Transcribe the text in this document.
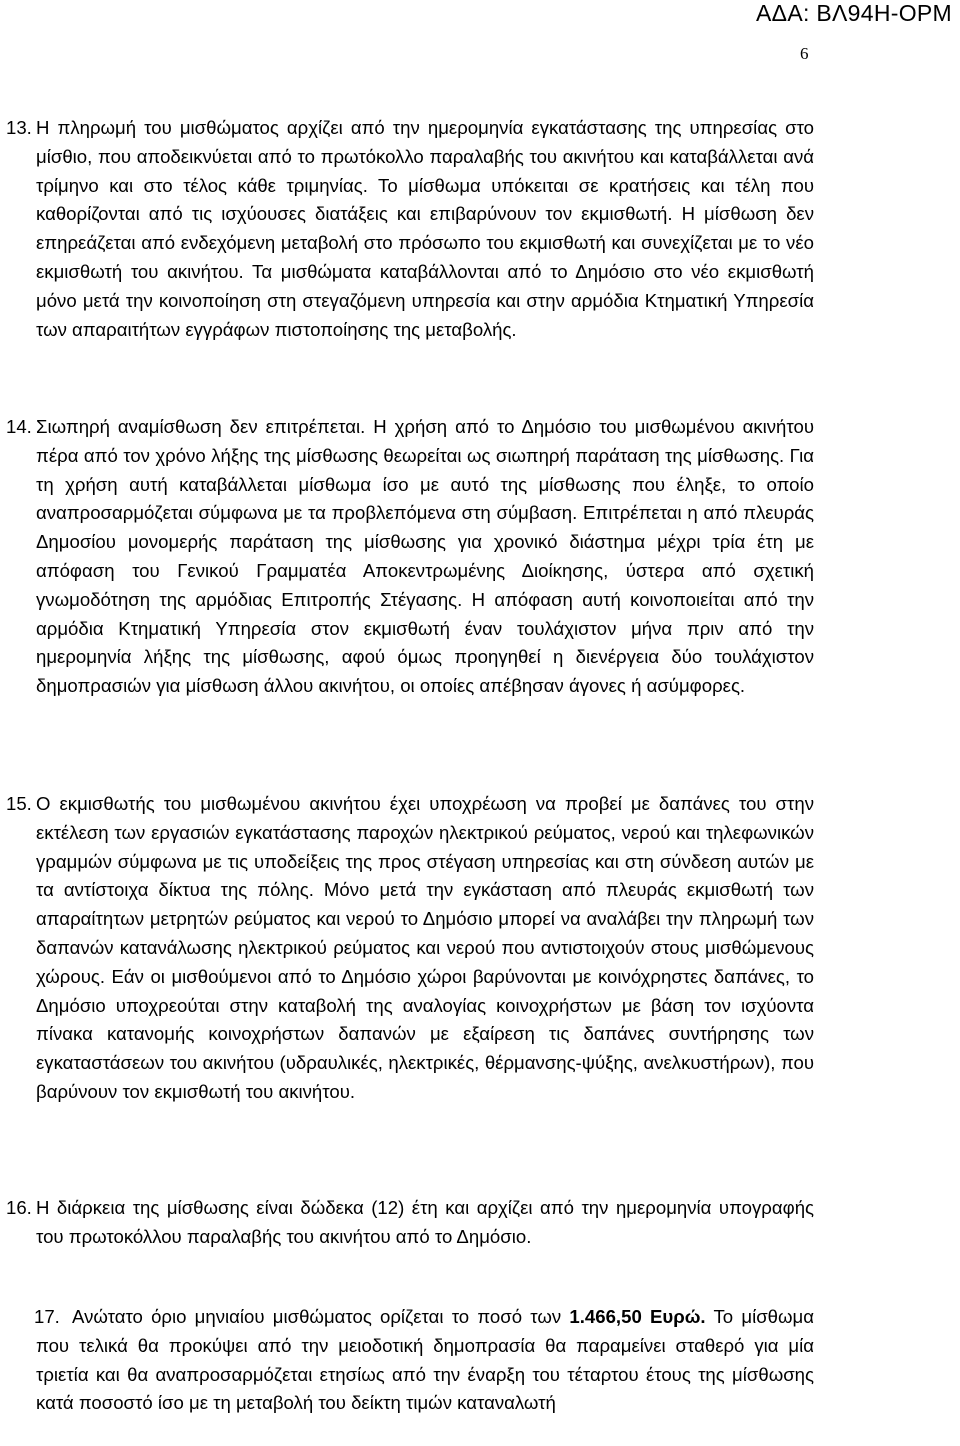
ΑΔΑ: ΒΛ94Η-ΟΡΜ
6
13. Η πληρωμή του μισθώματος αρχίζει από την ημερομηνία εγκατάστασης της υπηρεσίας στο μίσθιο, που αποδεικνύεται από το πρωτόκολλο παραλαβής του ακινήτου και καταβάλλεται ανά τρίμηνο και στο τέλος κάθε τριμηνίας. Το μίσθωμα υπόκειται σε κρατήσεις και τέλη που καθορίζονται από τις ισχύουσες διατάξεις και επιβαρύνουν τον εκμισθωτή. Η μίσθωση δεν επηρεάζεται από ενδεχόμενη μεταβολή στο πρόσωπο του εκμισθωτή και συνεχίζεται με το νέο εκμισθωτή του ακινήτου. Τα μισθώματα καταβάλλονται από το Δημόσιο στο νέο εκμισθωτή μόνο μετά την κοινοποίηση στη στεγαζόμενη υπηρεσία και στην αρμόδια Κτηματική Υπηρεσία των απαραιτήτων εγγράφων πιστοποίησης της μεταβολής.
14. Σιωπηρή αναμίσθωση δεν επιτρέπεται. Η χρήση από το Δημόσιο του μισθωμένου ακινήτου πέρα από τον χρόνο λήξης της μίσθωσης θεωρείται ως σιωπηρή παράταση της μίσθωσης. Για τη χρήση αυτή καταβάλλεται μίσθωμα ίσο με αυτό της μίσθωσης που έληξε, το οποίο αναπροσαρμόζεται σύμφωνα με τα προβλεπόμενα στη σύμβαση. Επιτρέπεται η από πλευράς Δημοσίου μονομερής παράταση της μίσθωσης για χρονικό διάστημα μέχρι τρία έτη με απόφαση του Γενικού Γραμματέα Αποκεντρωμένης Διοίκησης, ύστερα από σχετική γνωμοδότηση της αρμόδιας Επιτροπής Στέγασης. Η απόφαση αυτή κοινοποιείται από την αρμόδια Κτηματική Υπηρεσία στον εκμισθωτή έναν τουλάχιστον μήνα πριν από την ημερομηνία λήξης της μίσθωσης, αφού όμως προηγηθεί η διενέργεια δύο τουλάχιστον δημοπρασιών για μίσθωση άλλου ακινήτου, οι οποίες απέβησαν άγονες ή ασύμφορες.
15. Ο εκμισθωτής του μισθωμένου ακινήτου έχει υποχρέωση να προβεί με δαπάνες του στην εκτέλεση των εργασιών εγκατάστασης παροχών ηλεκτρικού ρεύματος, νερού και τηλεφωνικών γραμμών σύμφωνα με τις υποδείξεις της προς στέγαση υπηρεσίας και στη σύνδεση αυτών με τα αντίστοιχα δίκτυα της πόλης. Μόνο μετά την εγκάσταση από πλευράς εκμισθωτή των απαραίτητων μετρητών ρεύματος και νερού το Δημόσιο μπορεί να αναλάβει την πληρωμή των δαπανών κατανάλωσης ηλεκτρικού ρεύματος και νερού που αντιστοιχούν στους μισθώμενους χώρους. Εάν οι μισθούμενοι από το Δημόσιο χώροι βαρύνονται με κοινόχρηστες δαπάνες, το Δημόσιο υποχρεούται στην καταβολή της αναλογίας κοινοχρήστων με βάση τον ισχύοντα πίνακα κατανομής κοινοχρήστων δαπανών με εξαίρεση τις δαπάνες συντήρησης των εγκαταστάσεων του ακινήτου (υδραυλικές, ηλεκτρικές, θέρμανσης-ψύξης, ανελκυστήρων), που βαρύνουν τον εκμισθωτή του ακινήτου.
16. Η διάρκεια της μίσθωσης είναι δώδεκα (12) έτη και αρχίζει από την ημερομηνία υπογραφής του πρωτοκόλλου παραλαβής του ακινήτου από το Δημόσιο.
17. Ανώτατο όριο μηνιαίου μισθώματος ορίζεται το ποσό των 1.466,50 Ευρώ. Το μίσθωμα που τελικά θα προκύψει από την μειοδοτική δημοπρασία θα παραμείνει σταθερό για μία τριετία και θα αναπροσαρμόζεται ετησίως από την έναρξη του τέταρτου έτους της μίσθωσης κατά ποσοστό ίσο με τη μεταβολή του δείκτη τιμών καταναλωτή
